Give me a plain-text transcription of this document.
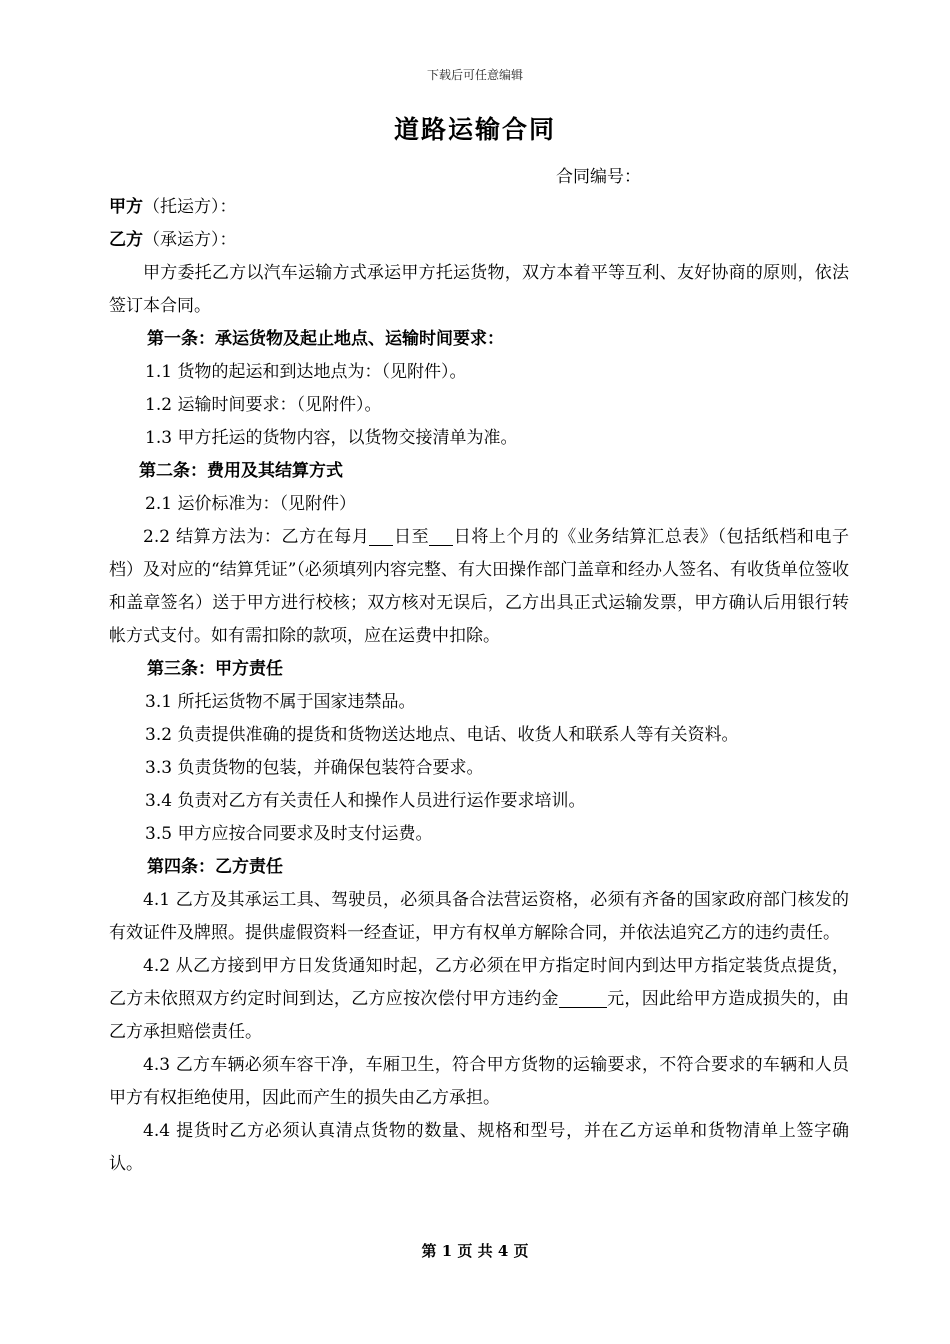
下载后可任意编辑
道路运输合同
合同编号：

甲方（托运方）：

乙方（承运方）：

甲方委托乙方以汽车运输方式承运甲方托运货物，双方本着平等互利、友好协商的原则，依法签订本合同。

第一条：承运货物及起止地点、运输时间要求：

1.1 货物的起运和到达地点为：（见附件）。

1.2 运输时间要求：（见附件）。

1.3 甲方托运的货物内容，以货物交接清单为准。

第二条：费用及其结算方式

2.1 运价标准为：（见附件）

2.2 结算方法为：乙方在每月 日至 日将上个月的《业务结算汇总表》（包括纸档和电子档）及对应的“结算凭证”（必须填列内容完整、有大田操作部门盖章和经办人签名、有收货单位签收和盖章签名）送于甲方进行校核；双方核对无误后，乙方出具正式运输发票，甲方确认后用银行转帐方式支付。如有需扣除的款项，应在运费中扣除。

第三条：甲方责任

3.1 所托运货物不属于国家违禁品。

3.2 负责提供准确的提货和货物送达地点、电话、收货人和联系人等有关资料。

3.3 负责货物的包装，并确保包装符合要求。

3.4 负责对乙方有关责任人和操作人员进行运作要求培训。

3.5 甲方应按合同要求及时支付运费。

第四条：乙方责任

4.1 乙方及其承运工具、驾驶员，必须具备合法营运资格，必须有齐备的国家政府部门核发的有效证件及牌照。提供虚假资料一经查证，甲方有权单方解除合同，并依法追究乙方的违约责任。

4.2 从乙方接到甲方日发货通知时起，乙方必须在甲方指定时间内到达甲方指定装货点提货，乙方未依照双方约定时间到达，乙方应按次偿付甲方违约金	元，因此给甲方造成损失的，由乙方承担赔偿责任。

4.3 乙方车辆必须车容干净，车厢卫生，符合甲方货物的运输要求，不符合要求的车辆和人员甲方有权拒绝使用，因此而产生的损失由乙方承担。

4.4 提货时乙方必须认真清点货物的数量、规格和型号，并在乙方运单和货物清单上签字确认。

第 1 页 共 4 页
